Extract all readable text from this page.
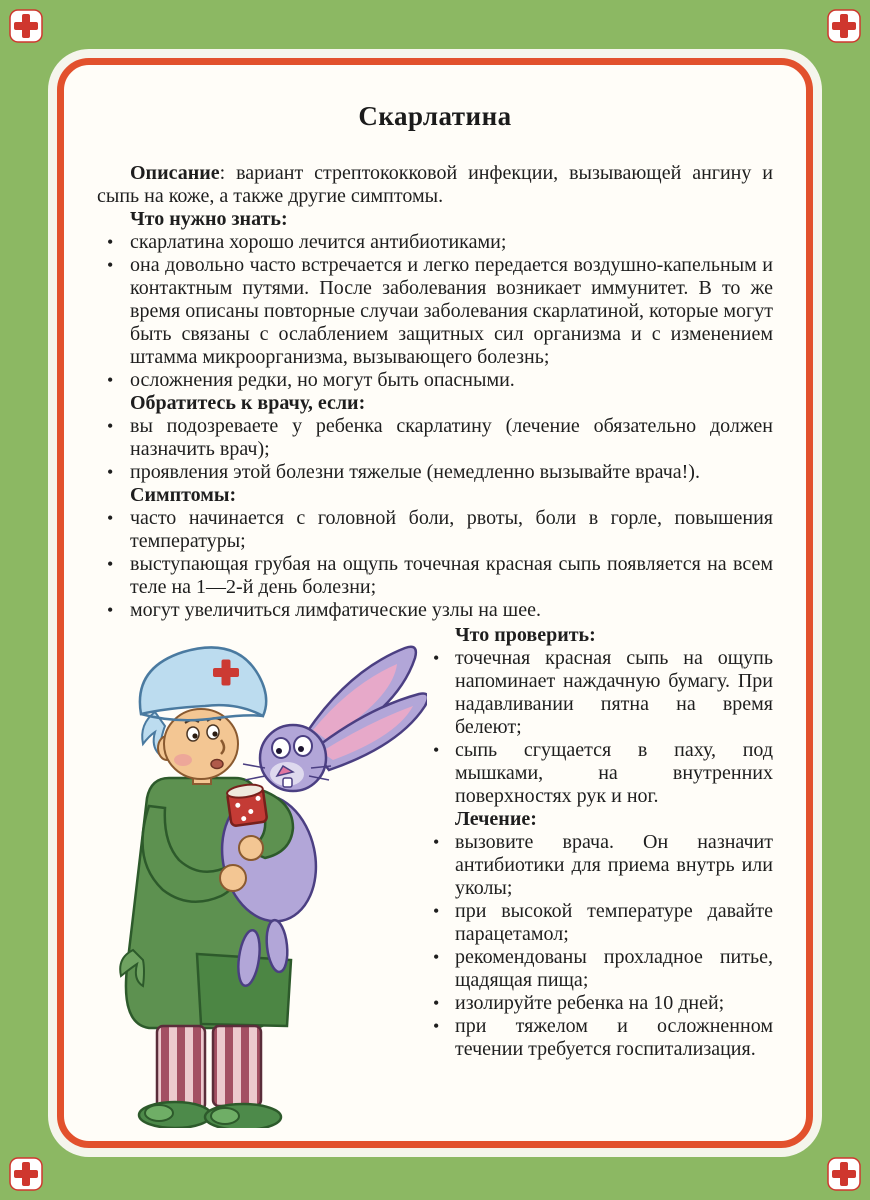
Скарлатина

Описание: вариант стрептококковой инфекции, вызывающей ангину и сыпь на коже, а также другие симптомы.

Что нужно знать:
• скарлатина хорошо лечится антибиотиками;
• она довольно часто встречается и легко передается воздушно-капельным и контактным путями. После заболевания возникает иммунитет. В то же время описаны повторные случаи заболевания скарлатиной, которые могут быть связаны с ослаблением защитных сил организма и с изменением штамма микроорганизма, вызывающего болезнь;
• осложнения редки, но могут быть опасными.
Обратитесь к врачу, если:
• вы подозреваете у ребенка скарлатину (лечение обязательно должен назначить врач);
• проявления этой болезни тяжелые (немедленно вызывайте врача!).
Симптомы:
• часто начинается с головной боли, рвоты, боли в горле, повышения температуры;
• выступающая грубая на ощупь точечная красная сыпь появляется на всем теле на 1—2-й день болезни;
• могут увеличиться лимфатические узлы на шее.
Что проверить:
• точечная красная сыпь на ощупь напоминает наждачную бумагу. При надавливании пятна на время белеют;
• сыпь сгущается в паху, под мышками, на внутренних поверхностях рук и ног.
Лечение:
• вызовите врача. Он назначит антибиотики для приема внутрь или уколы;
• при высокой температуре давайте парацетамол;
• рекомендованы прохладное питье, щадящая пища;
• изолируйте ребенка на 10 дней;
• при тяжелом и осложненном течении требуется госпитализация.
